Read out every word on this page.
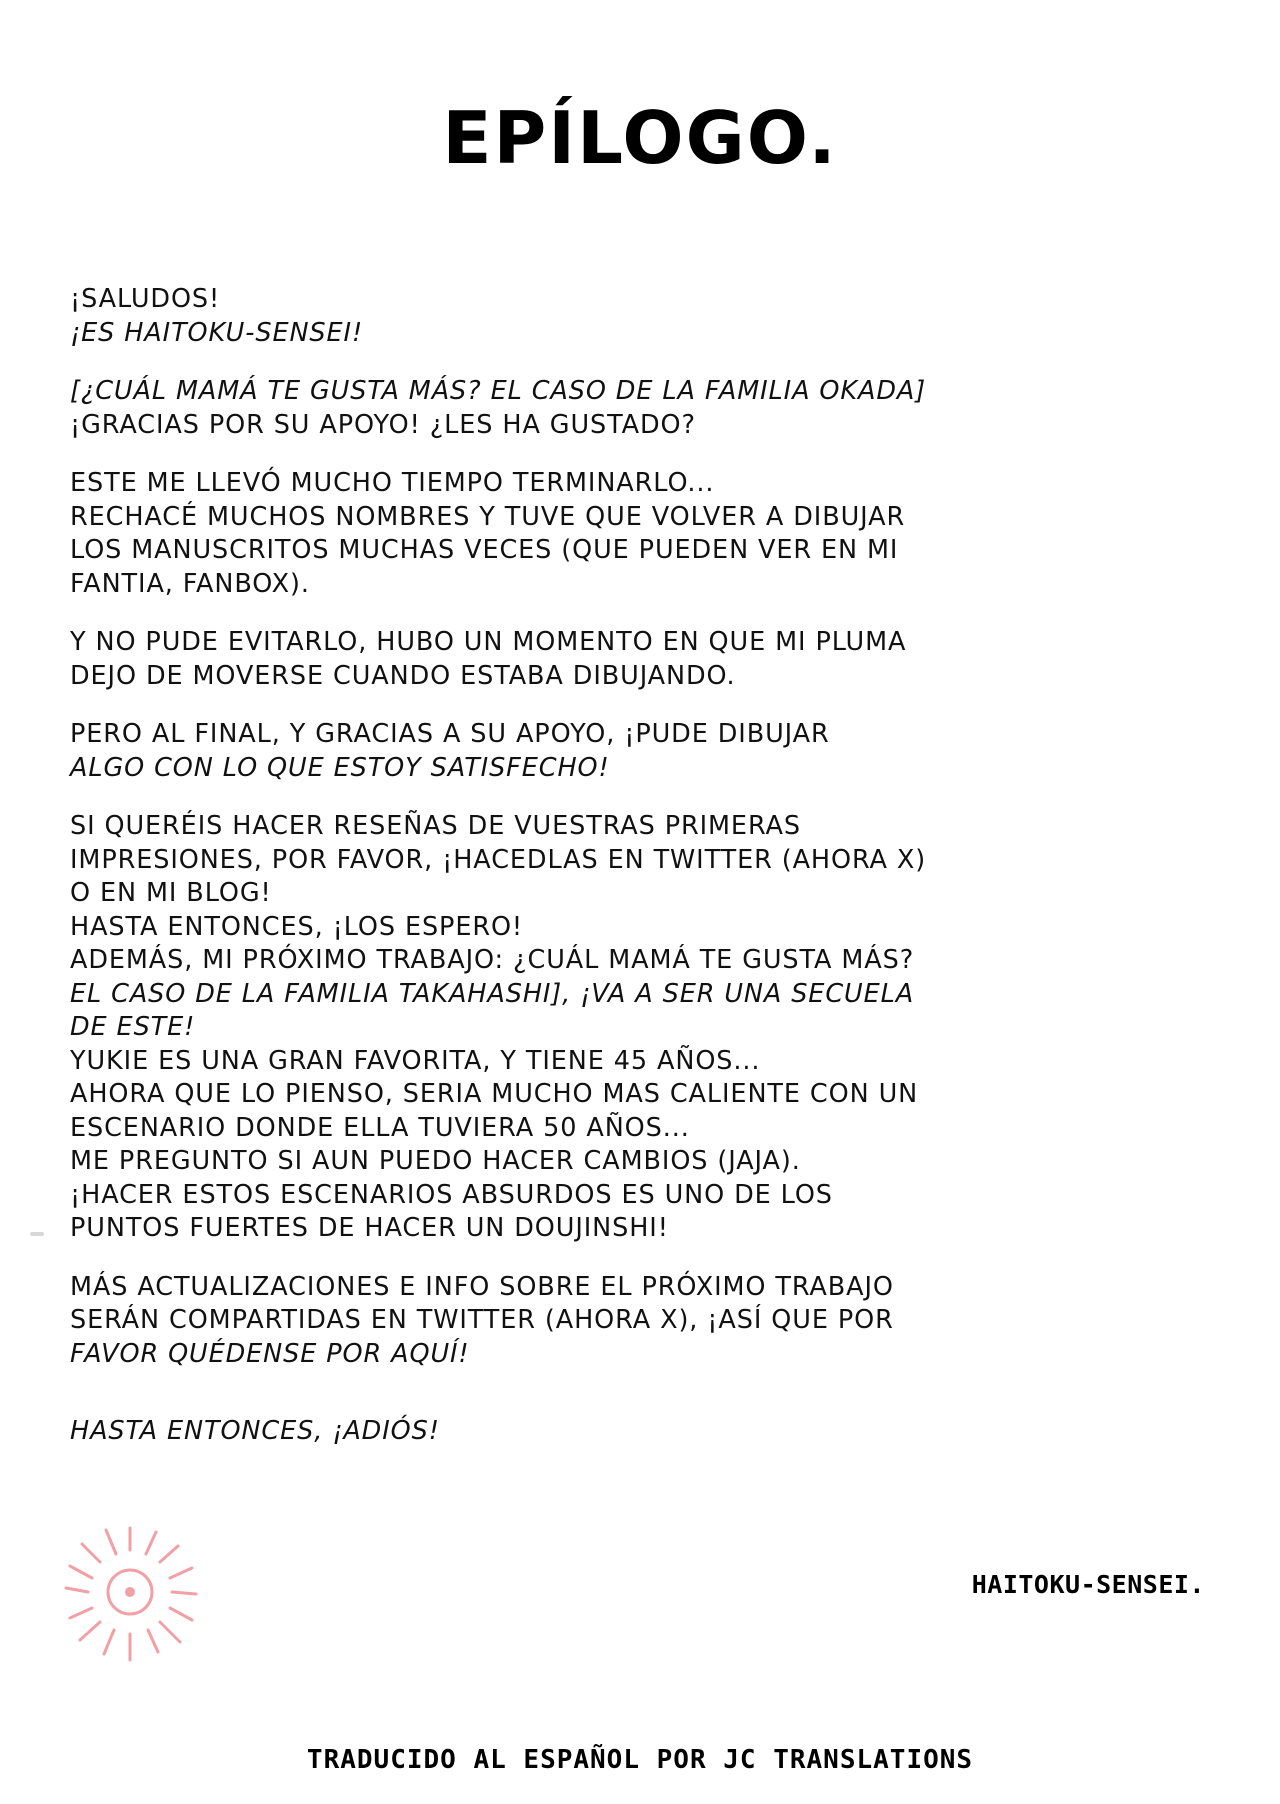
EPÍLOGO.
¡SALUDOS!
¡ES HAITOKU-SENSEI!
[¿CUÁL MAMÁ TE GUSTA MÁS? EL CASO DE LA FAMILIA OKADA]
¡GRACIAS POR SU APOYO! ¿LES HA GUSTADO?
ESTE ME LLEVÓ MUCHO TIEMPO TERMINARLO...
RECHACÉ MUCHOS NOMBRES Y TUVE QUE VOLVER A DIBUJAR
LOS MANUSCRITOS MUCHAS VECES (QUE PUEDEN VER EN MI
FANTIA, FANBOX).
Y NO PUDE EVITARLO, HUBO UN MOMENTO EN QUE MI PLUMA
DEJO DE MOVERSE CUANDO ESTABA DIBUJANDO.
PERO AL FINAL, Y GRACIAS A SU APOYO, ¡PUDE DIBUJAR
ALGO CON LO QUE ESTOY SATISFECHO!
SI QUERÉIS HACER RESEÑAS DE VUESTRAS PRIMERAS
IMPRESIONES, POR FAVOR, ¡HACEDLAS EN TWITTER (AHORA X)
O EN MI BLOG!
HASTA ENTONCES, ¡LOS ESPERO!
ADEMÁS, MI PRÓXIMO TRABAJO: ¿CUÁL MAMÁ TE GUSTA MÁS?
EL CASO DE LA FAMILIA TAKAHASHI], ¡VA A SER UNA SECUELA
DE ESTE!
YUKIE ES UNA GRAN FAVORITA, Y TIENE 45 AÑOS...
AHORA QUE LO PIENSO, SERIA MUCHO MAS CALIENTE CON UN
ESCENARIO DONDE ELLA TUVIERA 50 AÑOS...
ME PREGUNTO SI AUN PUEDO HACER CAMBIOS (JAJA).
¡HACER ESTOS ESCENARIOS ABSURDOS ES UNO DE LOS
PUNTOS FUERTES DE HACER UN DOUJINSHI!
MÁS ACTUALIZACIONES E INFO SOBRE EL PRÓXIMO TRABAJO
SERÁN COMPARTIDAS EN TWITTER (AHORA X), ¡ASÍ QUE POR
FAVOR QUÉDENSE POR AQUÍ!
HASTA ENTONCES, ¡ADIÓS!
HAITOKU-SENSEI.
TRADUCIDO AL ESPAÑOL POR JC TRANSLATIONS
